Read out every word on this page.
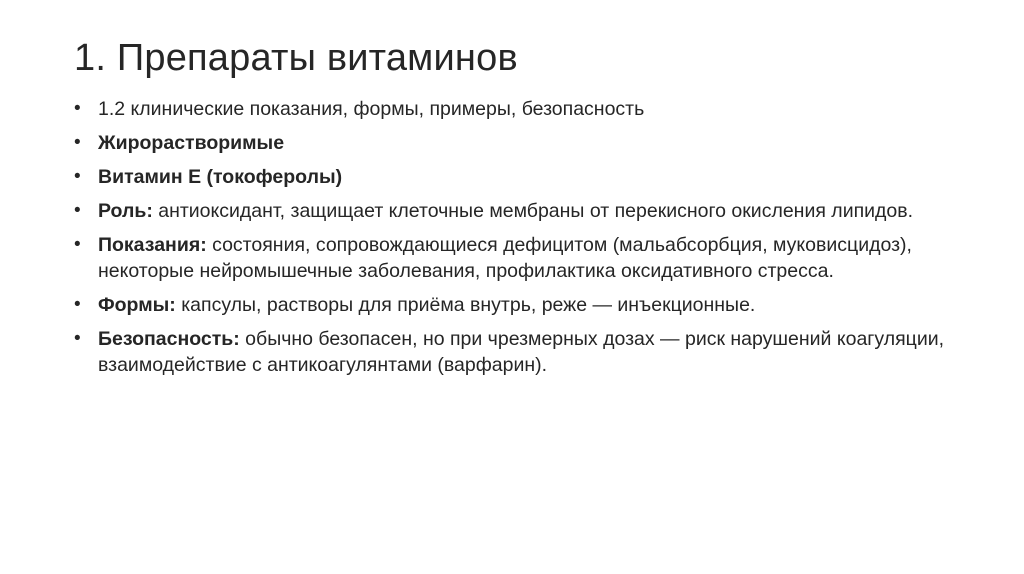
1. Препараты витаминов
• 1.2 клинические показания, формы, примеры, безопасность
• Жирорастворимые
• Витамин E (токоферолы)
• Роль: антиоксидант, защищает клеточные мембраны от перекисного окисления липидов.
• Показания: состояния, сопровождающиеся дефицитом (мальабсорбция, муковисцидоз), некоторые нейромышечные заболевания, профилактика оксидативного стресса.
• Формы: капсулы, растворы для приёма внутрь, реже — инъекционные.
• Безопасность: обычно безопасен, но при чрезмерных дозах — риск нарушений коагуляции, взаимодействие с антикоагулянтами (варфарин).
